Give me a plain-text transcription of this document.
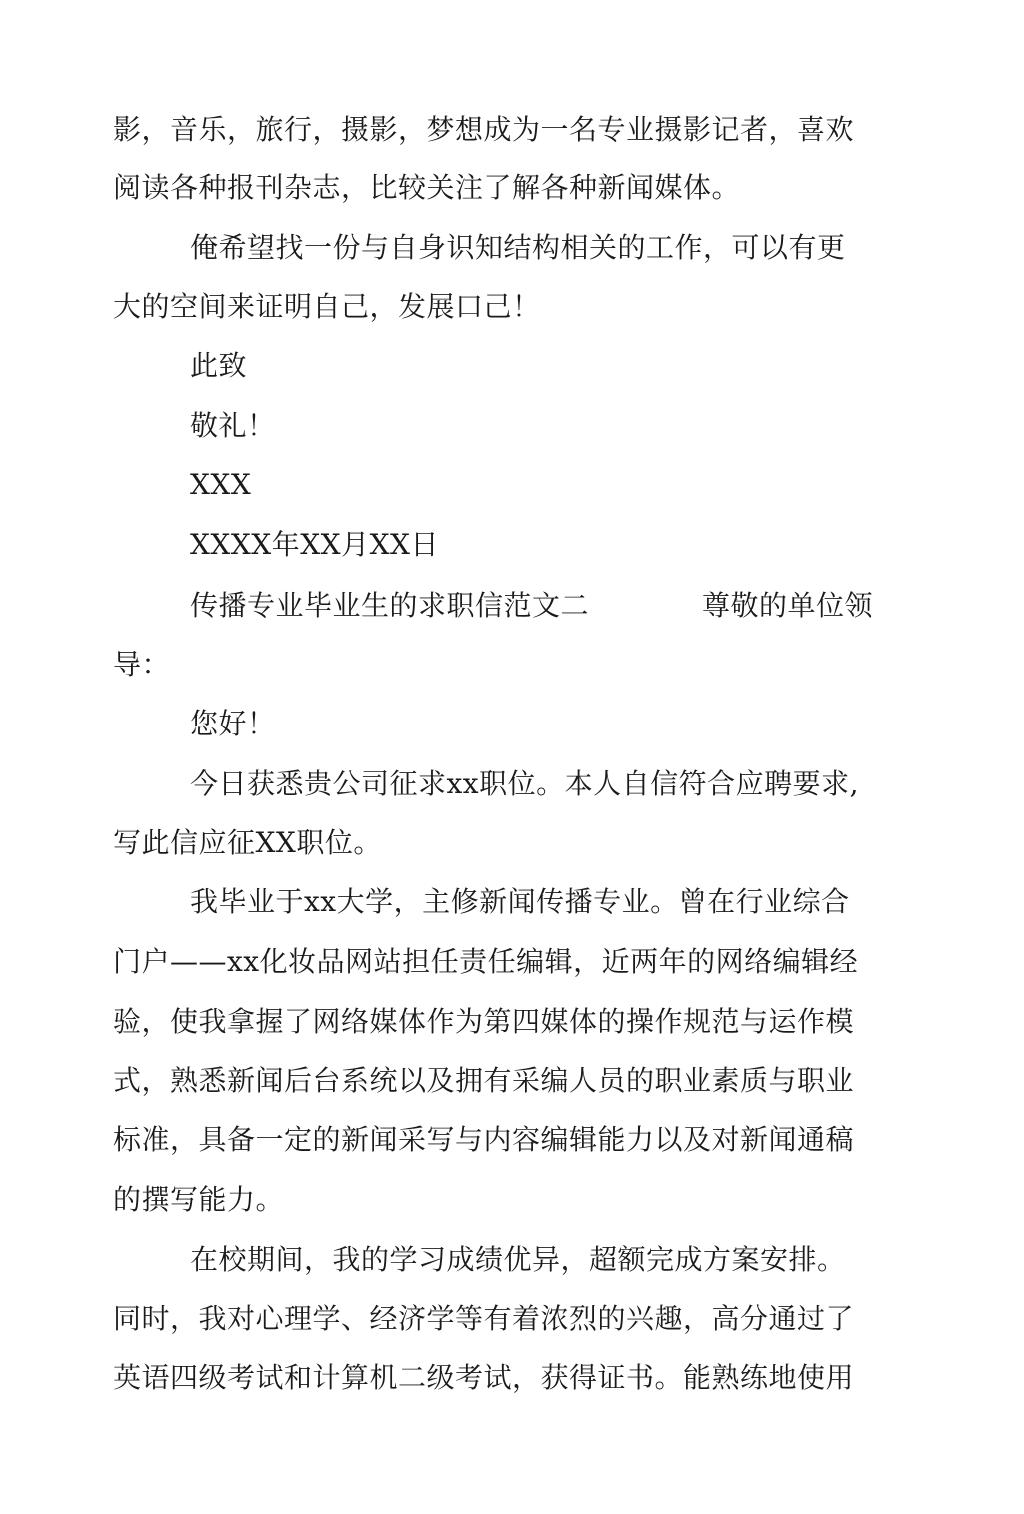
影，音乐，旅行，摄影，梦想成为一名专业摄影记者，喜欢
阅读各种报刊杂志，比较关注了解各种新闻媒体。
俺希望找一份与自身识知结构相关的工作，可以有更
大的空间来证明自己，发展口己！
此致
敬礼！
XXX
XXXX年XX月XX日
传播专业毕业生的求职信范文二	尊敬的单位领
导：
您好！
今日获悉贵公司征求xx职位。本人自信符合应聘要求,
写此信应征XX职位。
我毕业于xx大学，主修新闻传播专业。曾在行业综合
门户——xx化妆品网站担任责任编辑，近两年的网络编辑经
验，使我拿握了网络媒体作为第四媒体的操作规范与运作模
式，熟悉新闻后台系统以及拥有采编人员的职业素质与职业
标准，具备一定的新闻采写与内容编辑能力以及对新闻通稿
的撰写能力。
在校期间，我的学习成绩优异，超额完成方案安排。
同时，我对心理学、经济学等有着浓烈的兴趣，高分通过了
英语四级考试和计算机二级考试，获得证书。能熟练地使用
